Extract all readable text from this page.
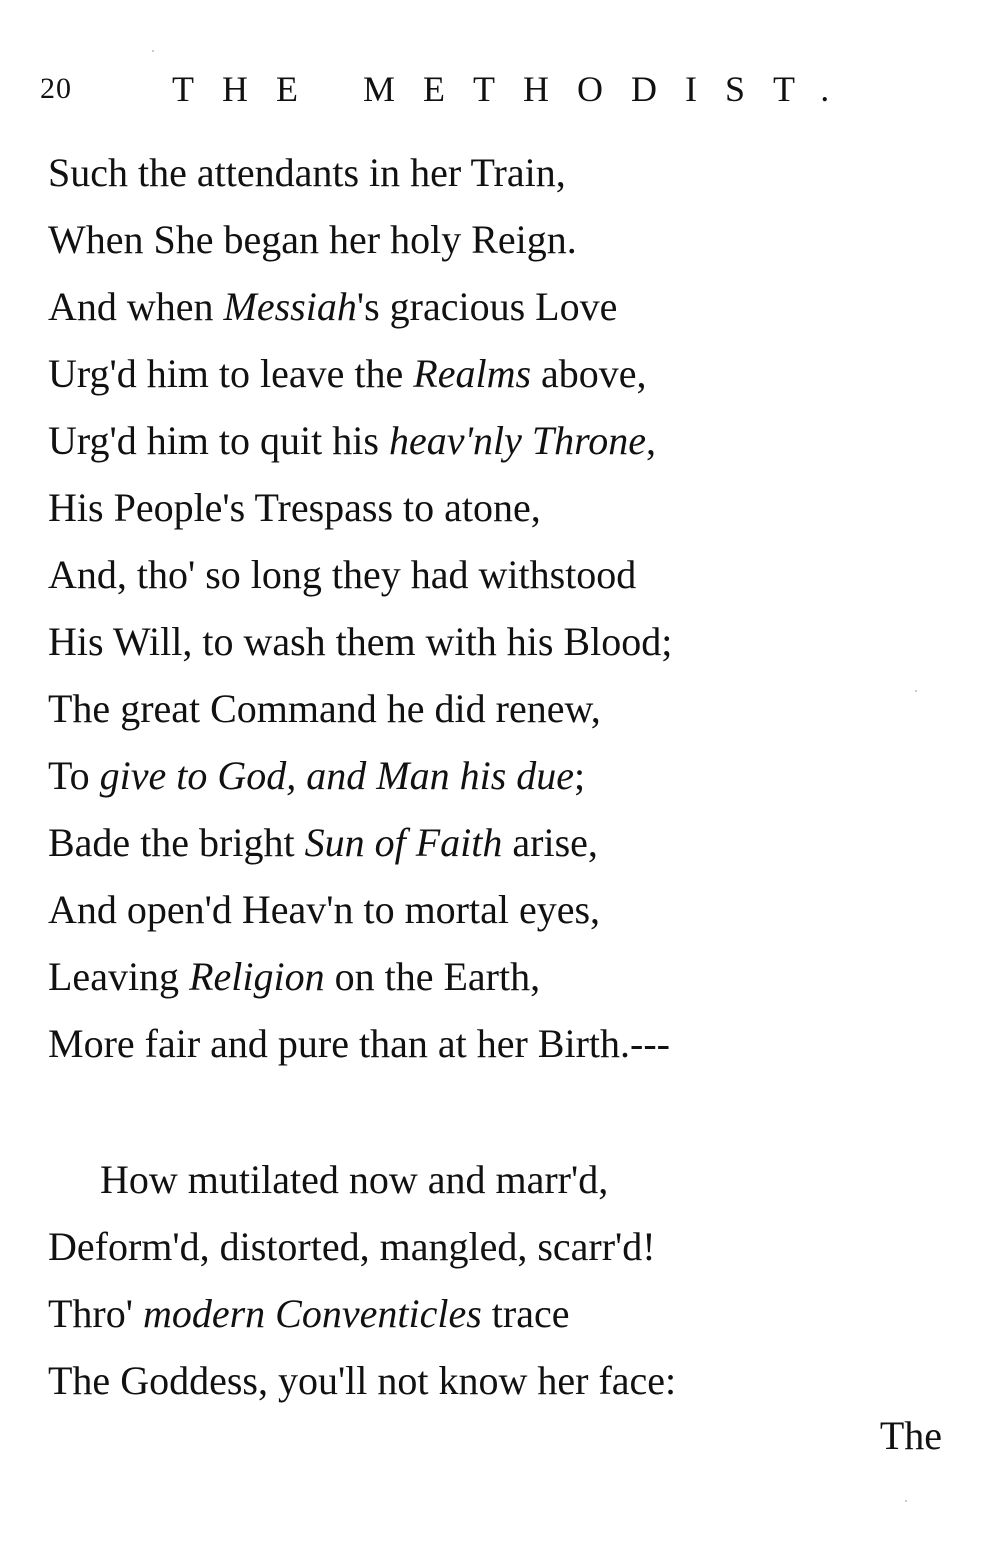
20	THE METHODIST.
Such the attendants in her Train,
When She began her holy Reign.
And when Messiah's gracious Love
Urg'd him to leave the Realms above,
Urg'd him to quit his heav'nly Throne,
His People's Trespass to atone,
And, tho' so long they had withstood
His Will, to wash them with his Blood;
The great Command he did renew,
To give to God, and Man his due;
Bade the bright Sun of Faith arise,
And open'd Heav'n to mortal eyes,
Leaving Religion on the Earth,
More fair and pure than at her Birth.---
How mutilated now and marr'd,
Deform'd, distorted, mangled, scarr'd!
Thro' modern Conventicles trace
The Goddess, you'll not know her face:
The
